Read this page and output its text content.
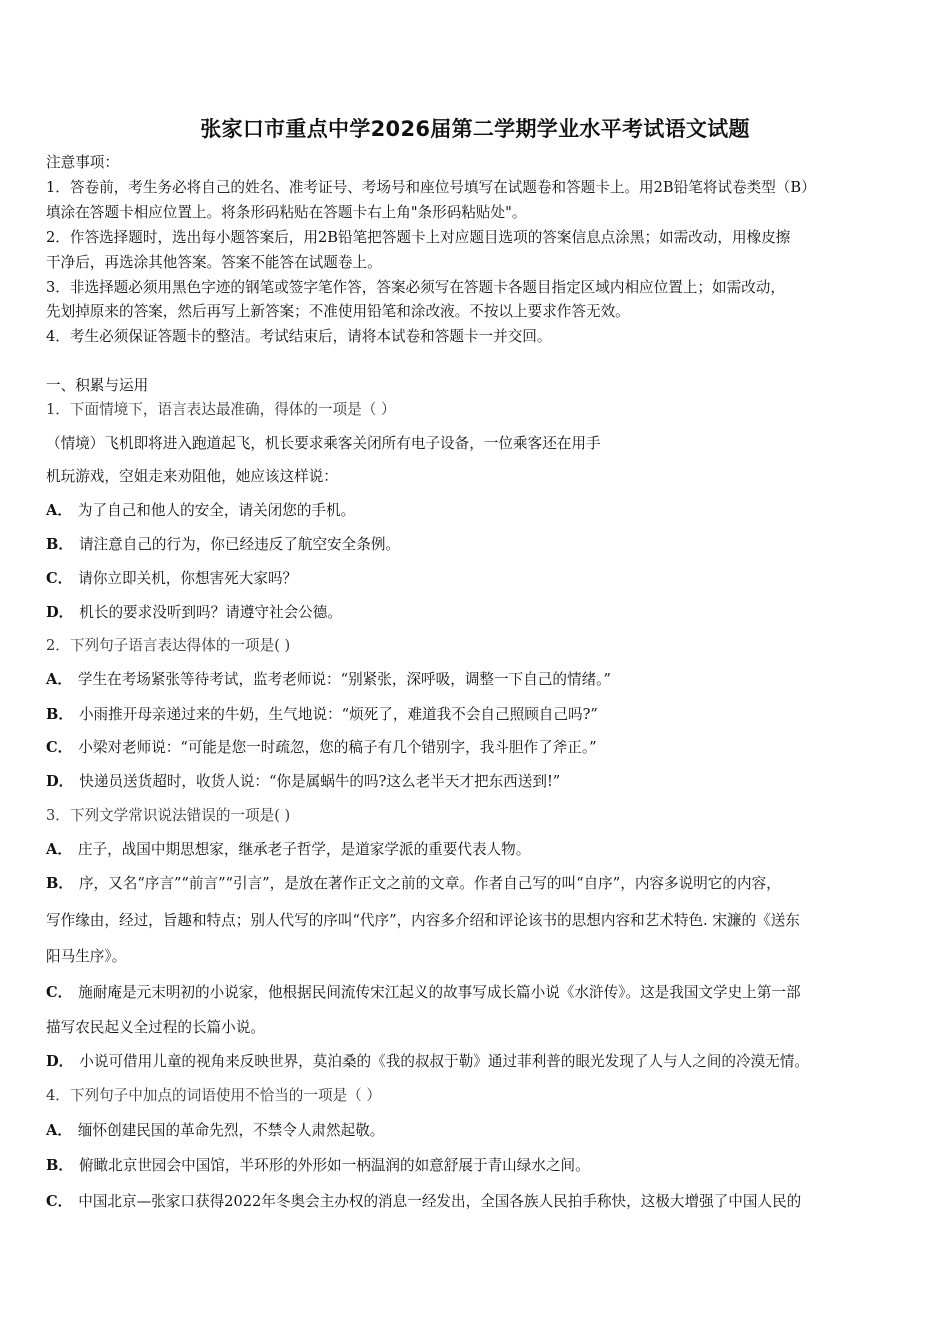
张家口市重点中学2026届第二学期学业水平考试语文试题
注意事项：
1．答卷前，考生务必将自己的姓名、准考证号、考场号和座位号填写在试题卷和答题卡上。用2B铅笔将试卷类型（B）
填涂在答题卡相应位置上。将条形码粘贴在答题卡右上角"条形码粘贴处"。
2．作答选择题时，选出每小题答案后，用2B铅笔把答题卡上对应题目选项的答案信息点涂黑；如需改动，用橡皮擦
干净后，再选涂其他答案。答案不能答在试题卷上。
3．非选择题必须用黑色字迹的钢笔或签字笔作答，答案必须写在答题卡各题目指定区域内相应位置上；如需改动，
先划掉原来的答案，然后再写上新答案；不准使用铅笔和涂改液。不按以上要求作答无效。
4．考生必须保证答题卡的整洁。考试结束后，请将本试卷和答题卡一并交回。
一、积累与运用
1．下面情境下，语言表达最准确，得体的一项是（ ）
（情境）飞机即将进入跑道起飞，机长要求乘客关闭所有电子设备，一位乘客还在用手
机玩游戏，空姐走来劝阻他，她应该这样说：
A． 为了自己和他人的安全，请关闭您的手机。
B． 请注意自己的行为，你已经违反了航空安全条例。
C． 请你立即关机，你想害死大家吗？
D． 机长的要求没听到吗？请遵守社会公德。
2．下列句子语言表达得体的一项是( )
A． 学生在考场紧张等待考试，监考老师说：“别紧张，深呼吸，调整一下自己的情绪。”
B． 小雨推开母亲递过来的牛奶，生气地说：“烦死了，难道我不会自己照顾自己吗?”
C． 小梁对老师说：“可能是您一时疏忽，您的稿子有几个错别字，我斗胆作了斧正。”
D． 快递员送货超时，收货人说：“你是属蜗牛的吗?这么老半天才把东西送到!”
3．下列文学常识说法错误的一项是( )
A． 庄子，战国中期思想家，继承老子哲学，是道家学派的重要代表人物。
B． 序，又名“序言”“前言”“引言”，是放在著作正文之前的文章。作者自己写的叫“自序”，内容多说明它的内容，
写作缘由，经过，旨趣和特点；别人代写的序叫“代序”，内容多介绍和评论该书的思想内容和艺术特色. 宋濂的《送东
阳马生序》。
C． 施耐庵是元末明初的小说家，他根据民间流传宋江起义的故事写成长篇小说《水浒传》。这是我国文学史上第一部
描写农民起义全过程的长篇小说。
D． 小说可借用儿童的视角来反映世界，莫泊桑的《我的叔叔于勒》通过菲利普的眼光发现了人与人之间的冷漠无情。
4．下列句子中加点的词语使用不恰当的一项是（ ）
A． 缅怀创建民国的革命先烈，不禁令人肃然起敬。
B． 俯瞰北京世园会中国馆，半环形的外形如一柄温润的如意舒展于青山绿水之间。
C． 中国北京—张家口获得2022年冬奥会主办权的消息一经发出，全国各族人民拍手称快，这极大增强了中国人民的
